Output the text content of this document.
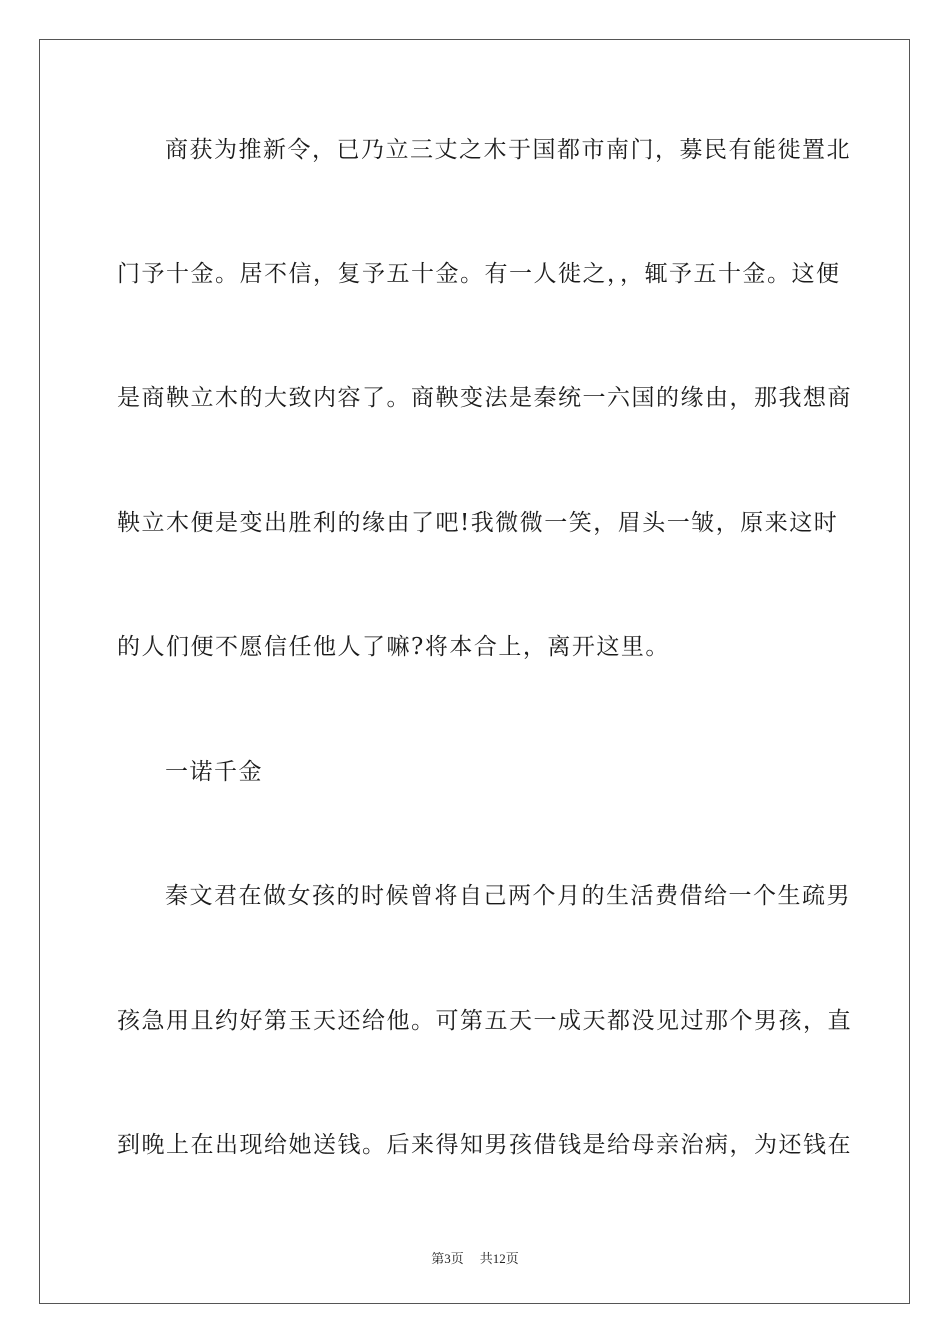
商获为推新令，已乃立三丈之木于国都市南门，募民有能徙置北
门予十金。居不信，复予五十金。有一人徙之，，辄予五十金。这便
是商鞅立木的大致内容了。商鞅变法是秦统一六国的缘由，那我想商
鞅立木便是变出胜利的缘由了吧!我微微一笑，眉头一皱，原来这时
的人们便不愿信任他人了嘛?将本合上，离开这里。
一诺千金
秦文君在做女孩的时候曾将自己两个月的生活费借给一个生疏男
孩急用且约好第玉天还给他。可第五天一成天都没见过那个男孩，直
到晚上在出现给她送钱。后来得知男孩借钱是给母亲治病，为还钱在
第3页 共12页
